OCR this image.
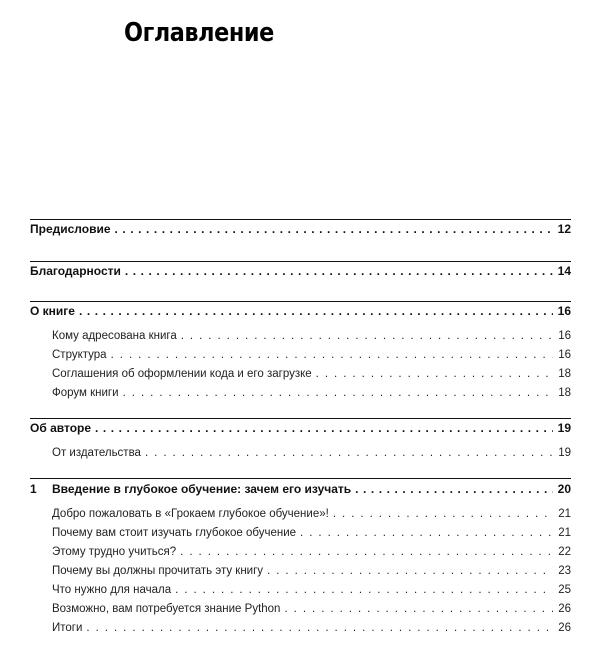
Оглавление
Предисловие . . .	12
Благодарности . . .	14
О книге . . .	16
Кому адресована книга . . .	16
Структура . . .	16
Соглашения об оформлении кода и его загрузке . . .	18
Форум книги . . .	18
Об авторе . . .	19
От издательства . . .	19
1	Введение в глубокое обучение: зачем его изучать . . .	20
Добро пожаловать в «Грокаем глубокое обучение»! . . .	21
Почему вам стоит изучать глубокое обучение . . .	21
Этому трудно учиться? . . .	22
Почему вы должны прочитать эту книгу . . .	23
Что нужно для начала . . .	25
Возможно, вам потребуется знание Python . . .	26
Итоги . . .	26
